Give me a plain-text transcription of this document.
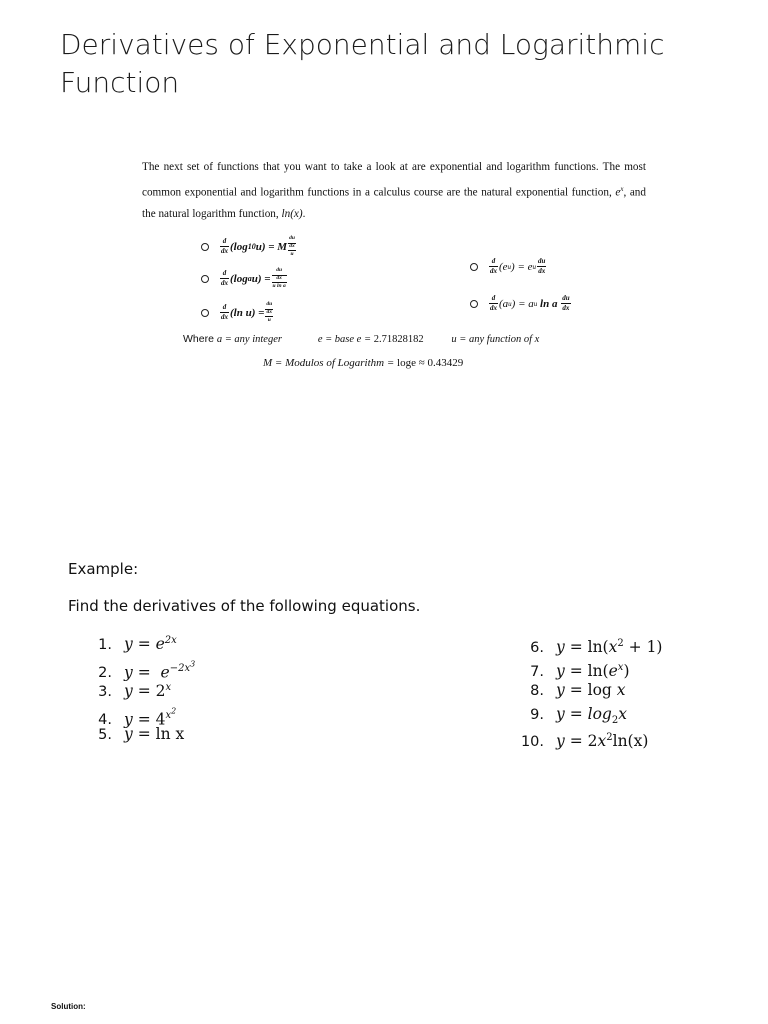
Derivatives of Exponential and Logarithmic Function
The next set of functions that you want to take a look at are exponential and logarithm functions. The most common exponential and logarithm functions in a calculus course are the natural exponential function, $e^x$, and the natural logarithm function, ln(x).
$\frac{d}{dx} (\log$ 10 u) = M
du
dx
u
$\frac{d}{dx} (\log$ a u) =
du
dx
u ln a
$\frac{d}{dx} (\ln$ u) =
du
dx
u
$\frac{d}{dx} (e$ u ) = e u $\frac{du}{dx}$
$\frac{d}{dx} (a$ u ) = a u ln a $\frac{du}{dx}$
Where a = any integer	e = base e = 2.71828182	u = any function of x
M = Modulos of Logarithm = loge ≈ 0.43429
Example:
Find the derivatives of the following equations.
1. $y = e^{2x}$
2. $y = e^{-2x^3}$
3. $y = 2^x$
4. $y = 4^{x^2}$
5. y = ln x
6. $y = \ln(x^2 + 1)$
7. $y = \ln(e^x)$
8. y = log x
9. $y = \log_2x$
10. $y = 2x^2\ln(x)$
Solution:
